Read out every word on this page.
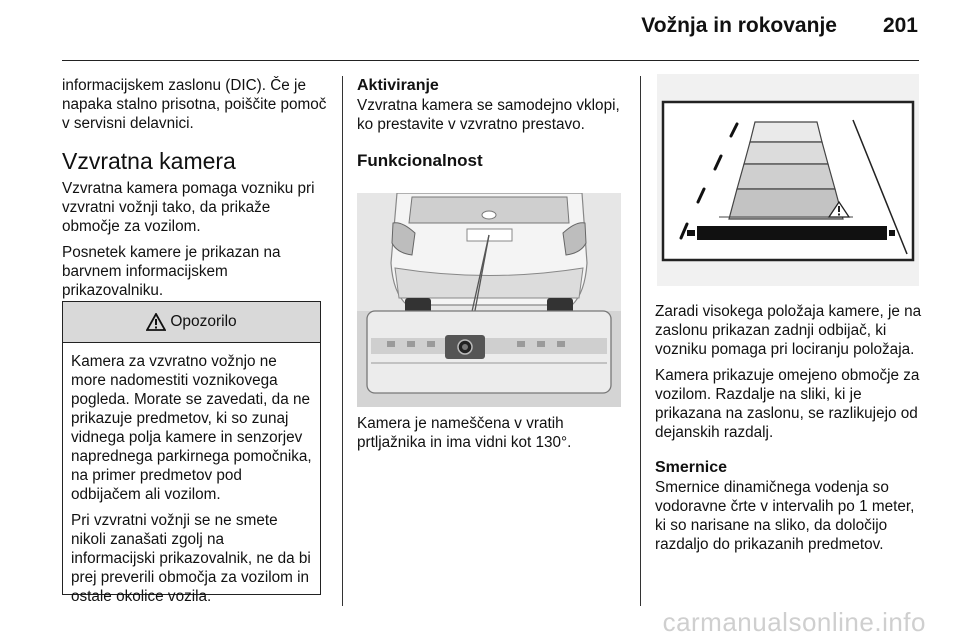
Vožnja in rokovanje 201

informacijskem zaslonu (DIC). Če je napaka stalno prisotna, poiščite pomoč v servisni delavnici.

Vzvratna kamera

Vzvratna kamera pomaga vozniku pri vzvratni vožnji tako, da prikaže območje za vozilom.

Posnetek kamere je prikazan na barvnem informacijskem prikazovalniku.

Opozorilo

Kamera za vzvratno vožnjo ne more nadomestiti voznikovega pogleda. Morate se zavedati, da ne prikazuje predmetov, ki so zunaj vidnega polja kamere in senzorjev naprednega parkirnega pomočnika, na primer predmetov pod odbijačem ali vozilom.

Pri vzvratni vožnji se ne smete nikoli zanašati zgolj na informacijski prikazovalnik, ne da bi prej preverili območja za vozilom in ostale okolice vozila.

Aktiviranje

Vzvratna kamera se samodejno vklopi, ko prestavite v vzvratno prestavo.

Funkcionalnost

Kamera je nameščena v vratih prtljažnika in ima vidni kot 130°.

Zaradi visokega položaja kamere, je na zaslonu prikazan zadnji odbijač, ki vozniku pomaga pri lociranju položaja.

Kamera prikazuje omejeno območje za vozilom. Razdalje na sliki, ki je prikazana na zaslonu, se razlikujejo od dejanskih razdalj.

Smernice

Smernice dinamičnega vodenja so vodoravne črte v intervalih po 1 meter, ki so narisane na sliko, da določijo razdaljo do prikazanih predmetov.

carmanualsonline.info
